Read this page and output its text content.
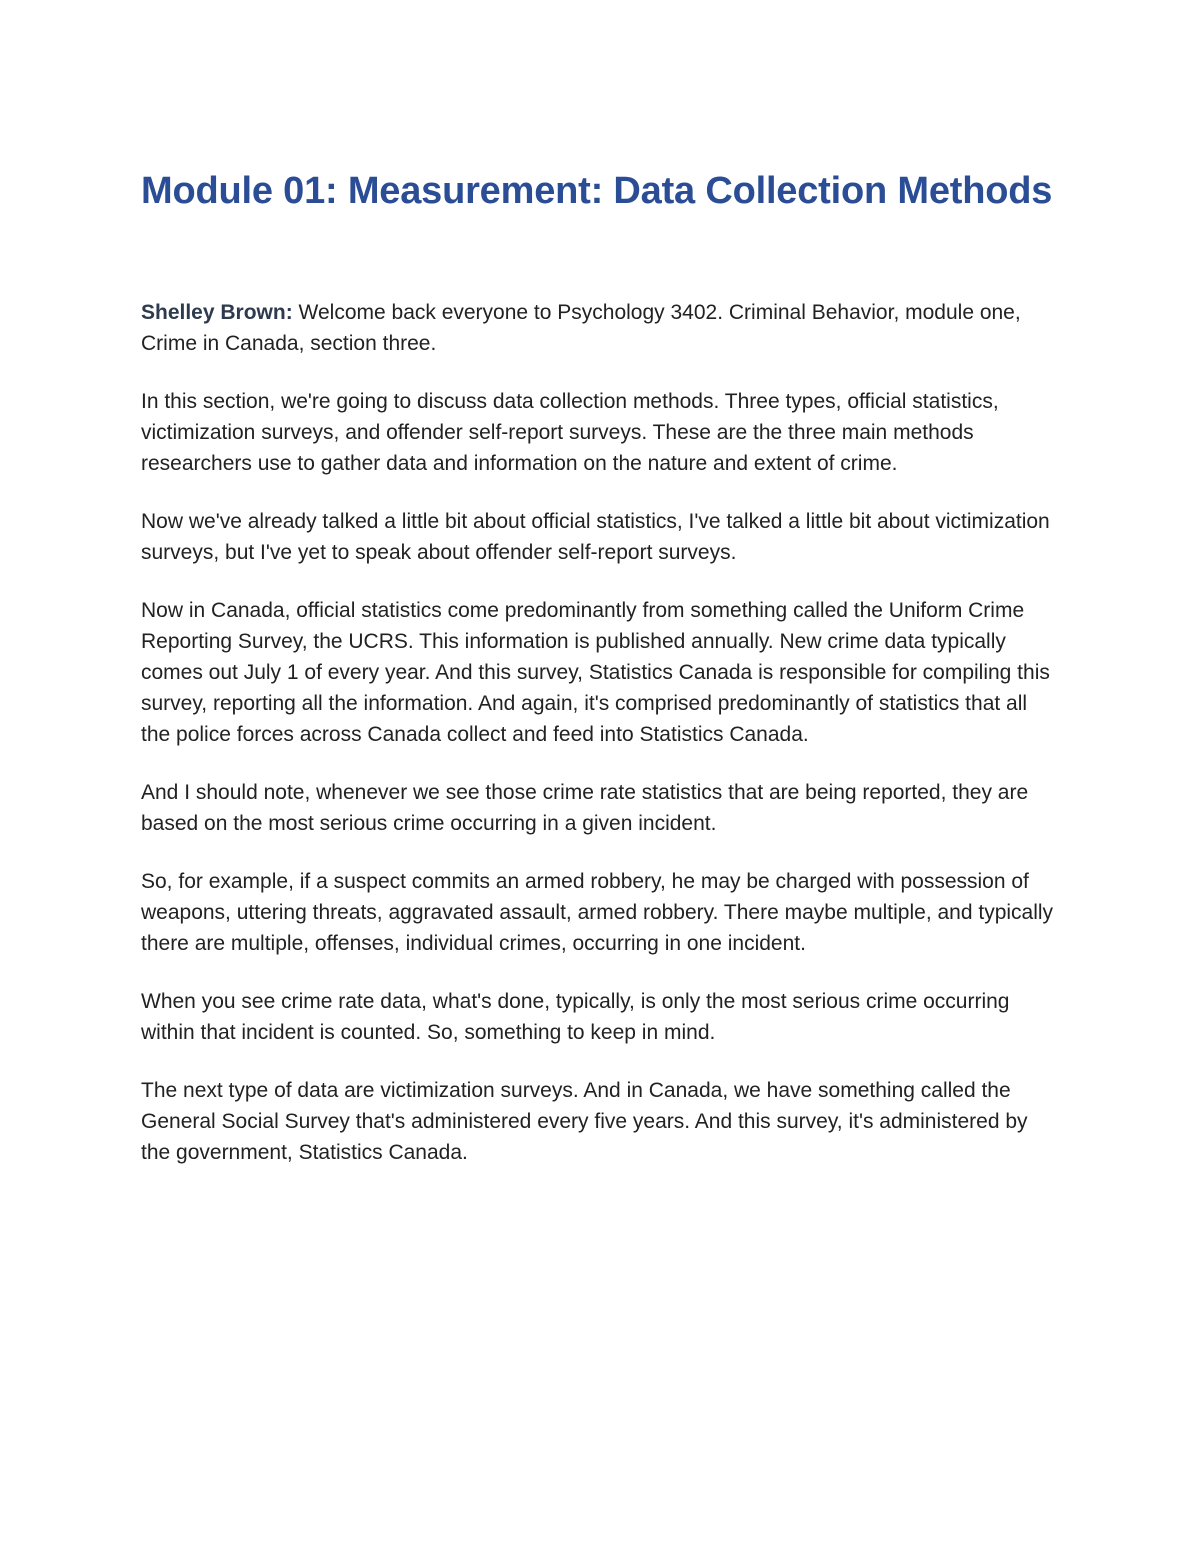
Module 01: Measurement: Data Collection Methods

Shelley Brown: Welcome back everyone to Psychology 3402. Criminal Behavior, module one, Crime in Canada, section three.

In this section, we're going to discuss data collection methods. Three types, official statistics, victimization surveys, and offender self-report surveys. These are the three main methods researchers use to gather data and information on the nature and extent of crime.

Now we've already talked a little bit about official statistics, I've talked a little bit about victimization surveys, but I've yet to speak about offender self-report surveys.

Now in Canada, official statistics come predominantly from something called the Uniform Crime Reporting Survey, the UCRS. This information is published annually. New crime data typically comes out July 1 of every year. And this survey, Statistics Canada is responsible for compiling this survey, reporting all the information. And again, it's comprised predominantly of statistics that all the police forces across Canada collect and feed into Statistics Canada.

And I should note, whenever we see those crime rate statistics that are being reported, they are based on the most serious crime occurring in a given incident.

So, for example, if a suspect commits an armed robbery, he may be charged with possession of weapons, uttering threats, aggravated assault, armed robbery. There maybe multiple, and typically there are multiple, offenses, individual crimes, occurring in one incident.

When you see crime rate data, what's done, typically, is only the most serious crime occurring within that incident is counted. So, something to keep in mind.

The next type of data are victimization surveys. And in Canada, we have something called the General Social Survey that's administered every five years. And this survey, it's administered by the government, Statistics Canada.
